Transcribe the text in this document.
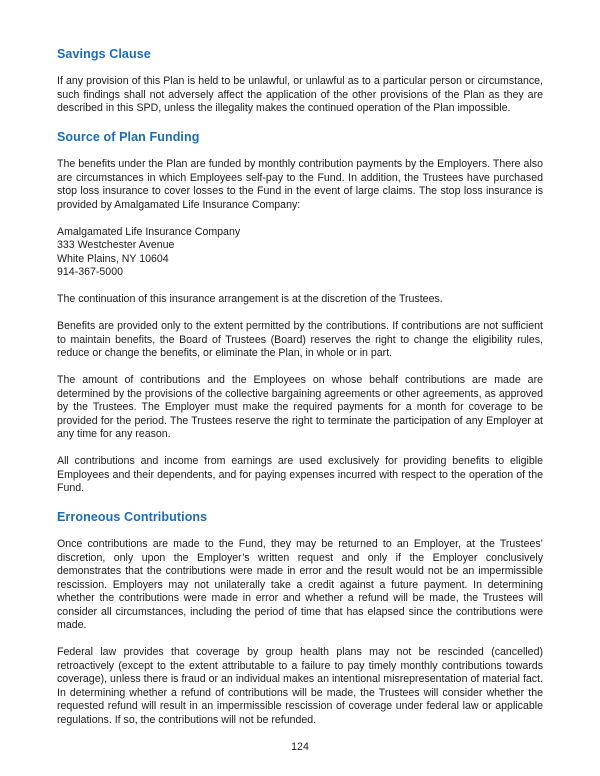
Savings Clause

If any provision of this Plan is held to be unlawful, or unlawful as to a particular person or circumstance, such findings shall not adversely affect the application of the other provisions of the Plan as they are described in this SPD, unless the illegality makes the continued operation of the Plan impossible.

Source of Plan Funding

The benefits under the Plan are funded by monthly contribution payments by the Employers. There also are circumstances in which Employees self-pay to the Fund. In addition, the Trustees have purchased stop loss insurance to cover losses to the Fund in the event of large claims. The stop loss insurance is provided by Amalgamated Life Insurance Company:

Amalgamated Life Insurance Company
333 Westchester Avenue
White Plains, NY 10604
914-367-5000

The continuation of this insurance arrangement is at the discretion of the Trustees.

Benefits are provided only to the extent permitted by the contributions. If contributions are not sufficient to maintain benefits, the Board of Trustees (Board) reserves the right to change the eligibility rules, reduce or change the benefits, or eliminate the Plan, in whole or in part.

The amount of contributions and the Employees on whose behalf contributions are made are determined by the provisions of the collective bargaining agreements or other agreements, as approved by the Trustees. The Employer must make the required payments for a month for coverage to be provided for the period. The Trustees reserve the right to terminate the participation of any Employer at any time for any reason.

All contributions and income from earnings are used exclusively for providing benefits to eligible Employees and their dependents, and for paying expenses incurred with respect to the operation of the Fund.

Erroneous Contributions

Once contributions are made to the Fund, they may be returned to an Employer, at the Trustees’ discretion, only upon the Employer’s written request and only if the Employer conclusively demonstrates that the contributions were made in error and the result would not be an impermissible rescission. Employers may not unilaterally take a credit against a future payment. In determining whether the contributions were made in error and whether a refund will be made, the Trustees will consider all circumstances, including the period of time that has elapsed since the contributions were made.

Federal law provides that coverage by group health plans may not be rescinded (cancelled) retroactively (except to the extent attributable to a failure to pay timely monthly contributions towards coverage), unless there is fraud or an individual makes an intentional misrepresentation of material fact. In determining whether a refund of contributions will be made, the Trustees will consider whether the requested refund will result in an impermissible rescission of coverage under federal law or applicable regulations. If so, the contributions will not be refunded.

124
